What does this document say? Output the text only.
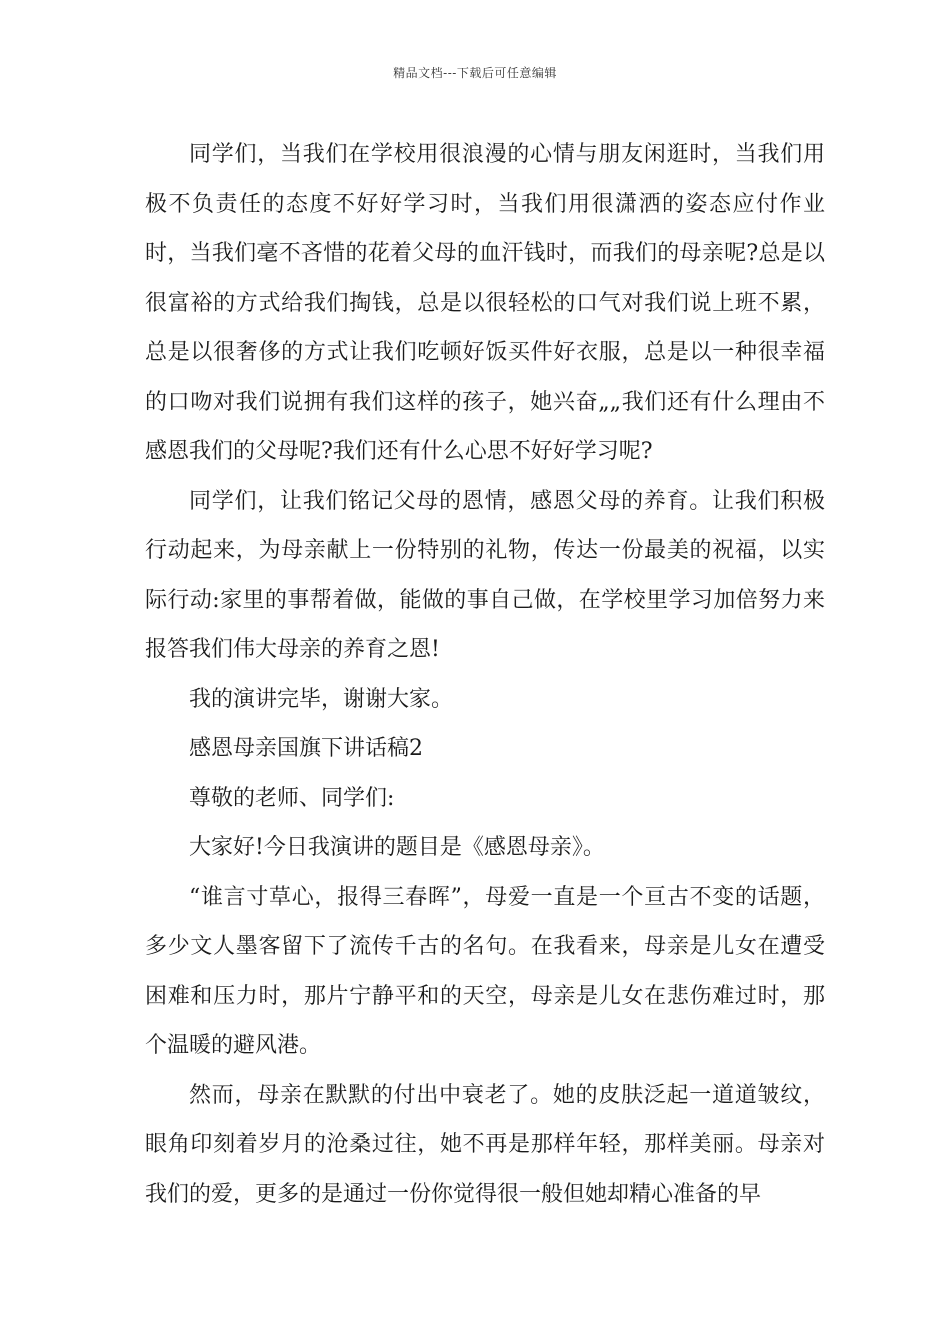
精品文档---下载后可任意编辑

同学们，当我们在学校用很浪漫的心情与朋友闲逛时，当我们用极不负责任的态度不好好学习时，当我们用很潇洒的姿态应付作业时，当我们毫不吝惜的花着父母的血汗钱时，而我们的母亲呢?总是以很富裕的方式给我们掏钱，总是以很轻松的口气对我们说上班不累，总是以很奢侈的方式让我们吃顿好饭买件好衣服，总是以一种很幸福的口吻对我们说拥有我们这样的孩子，她兴奋„„我们还有什么理由不感恩我们的父母呢?我们还有什么心思不好好学习呢?

同学们，让我们铭记父母的恩情，感恩父母的养育。让我们积极行动起来，为母亲献上一份特别的礼物，传达一份最美的祝福，以实际行动:家里的事帮着做，能做的事自己做，在学校里学习加倍努力来报答我们伟大母亲的养育之恩!

我的演讲完毕，谢谢大家。

感恩母亲国旗下讲话稿2

尊敬的老师、同学们:

大家好!今日我演讲的题目是《感恩母亲》。

“谁言寸草心，报得三春晖”，母爱一直是一个亘古不变的话题，多少文人墨客留下了流传千古的名句。在我看来，母亲是儿女在遭受困难和压力时，那片宁静平和的天空，母亲是儿女在悲伤难过时，那个温暖的避风港。

然而，母亲在默默的付出中衰老了。她的皮肤泛起一道道皱纹，眼角印刻着岁月的沧桑过往，她不再是那样年轻，那样美丽。母亲对我们的爱，更多的是通过一份你觉得很一般但她却精心准备的早
